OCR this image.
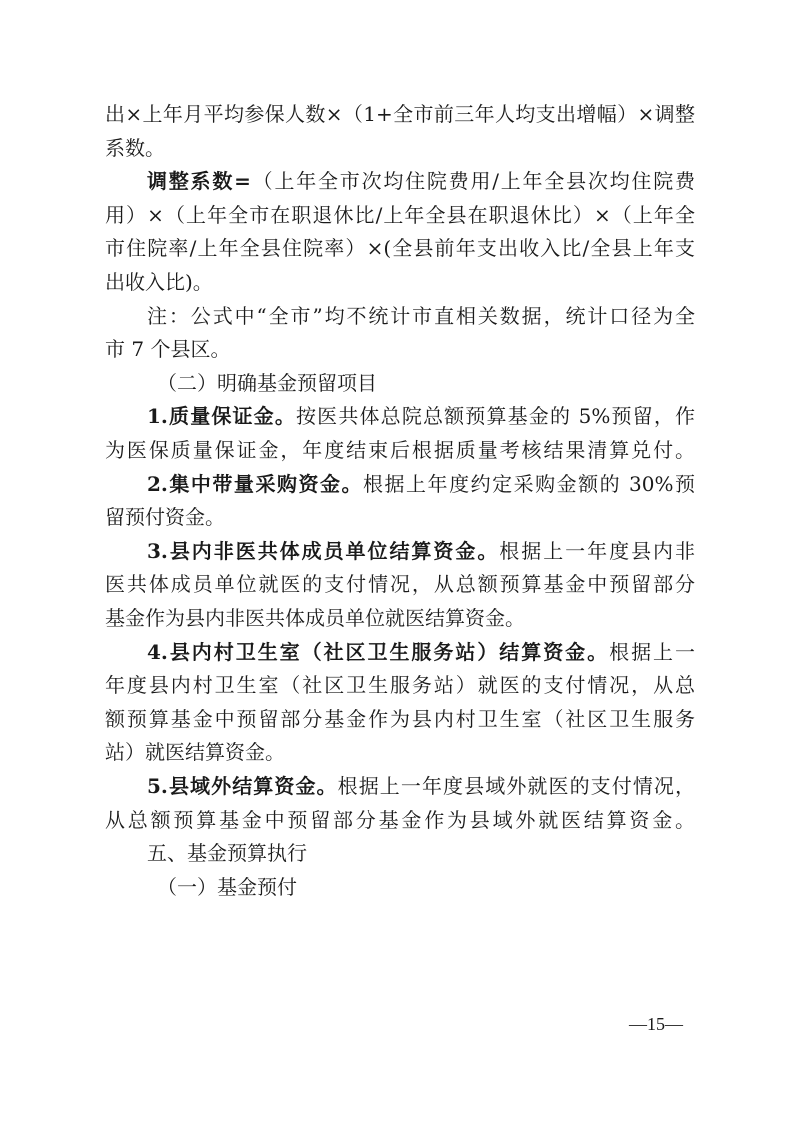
出×上年月平均参保人数×（1+全市前三年人均支出增幅）×调整

系数。

调整系数=（上年全市次均住院费用/上年全县次均住院费

用）×（上年全市在职退休比/上年全县在职退休比）×（上年全

市住院率/上年全县住院率）×(全县前年支出收入比/全县上年支

出收入比)。

注：公式中“全市”均不统计市直相关数据，统计口径为全

市 7 个县区。

（二）明确基金预留项目

1.质量保证金。按医共体总院总额预算基金的 5%预留，作

为医保质量保证金，年度结束后根据质量考核结果清算兑付。

2.集中带量采购资金。根据上年度约定采购金额的 30%预

留预付资金。

3.县内非医共体成员单位结算资金。根据上一年度县内非

医共体成员单位就医的支付情况，从总额预算基金中预留部分

基金作为县内非医共体成员单位就医结算资金。

4.县内村卫生室（社区卫生服务站）结算资金。根据上一

年度县内村卫生室（社区卫生服务站）就医的支付情况，从总

额预算基金中预留部分基金作为县内村卫生室（社区卫生服务

站）就医结算资金。

5.县域外结算资金。根据上一年度县域外就医的支付情况，

从总额预算基金中预留部分基金作为县域外就医结算资金。

五、基金预算执行

（一）基金预付

—15—
